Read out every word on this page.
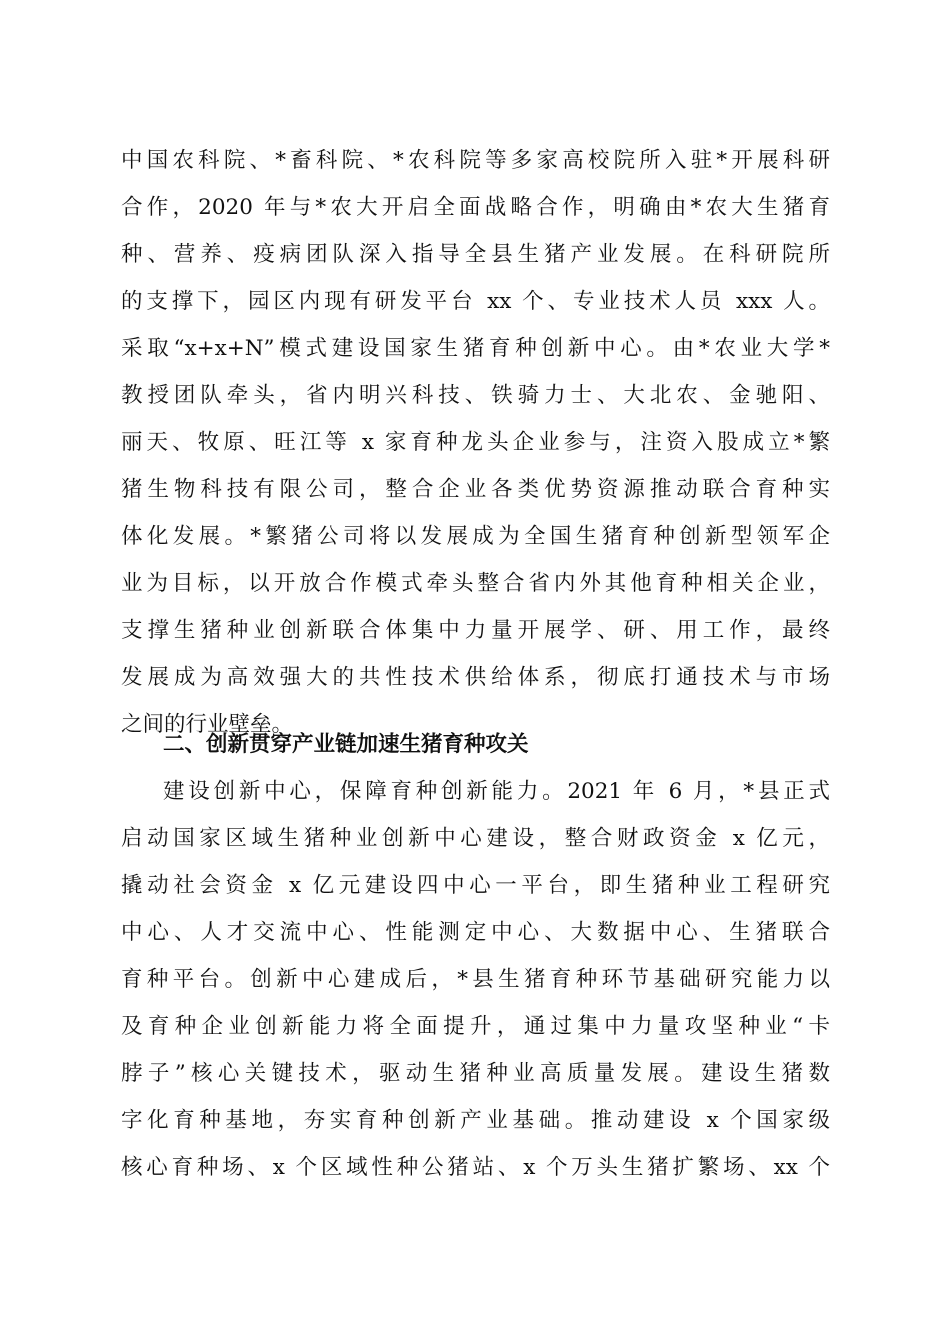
中国农科院、*畜科院、*农科院等多家高校院所入驻*开展科研
合作，2020 年与*农大开启全面战略合作，明确由*农大生猪育
种、营养、疫病团队深入指导全县生猪产业发展。在科研院所
的支撑下，园区内现有研发平台 xx 个、专业技术人员 xxx 人。
采取“x+x+N”模式建设国家生猪育种创新中心。由*农业大学*
教授团队牵头，省内明兴科技、铁骑力士、大北农、金驰阳、
丽天、牧原、旺江等 x 家育种龙头企业参与，注资入股成立*繁
猪生物科技有限公司，整合企业各类优势资源推动联合育种实
体化发展。*繁猪公司将以发展成为全国生猪育种创新型领军企
业为目标，以开放合作模式牵头整合省内外其他育种相关企业，
支撑生猪种业创新联合体集中力量开展学、研、用工作，最终
发展成为高效强大的共性技术供给体系，彻底打通技术与市场
之间的行业壁垒。
二、创新贯穿产业链加速生猪育种攻关
建设创新中心，保障育种创新能力。2021 年 6 月，*县正式
启动国家区域生猪种业创新中心建设，整合财政资金 x 亿元，
撬动社会资金 x 亿元建设四中心一平台，即生猪种业工程研究
中心、人才交流中心、性能测定中心、大数据中心、生猪联合
育种平台。创新中心建成后，*县生猪育种环节基础研究能力以
及育种企业创新能力将全面提升，通过集中力量攻坚种业“卡
脖子”核心关键技术，驱动生猪种业高质量发展。建设生猪数
字化育种基地，夯实育种创新产业基础。推动建设 x 个国家级
核心育种场、x 个区域性种公猪站、x 个万头生猪扩繁场、xx 个
